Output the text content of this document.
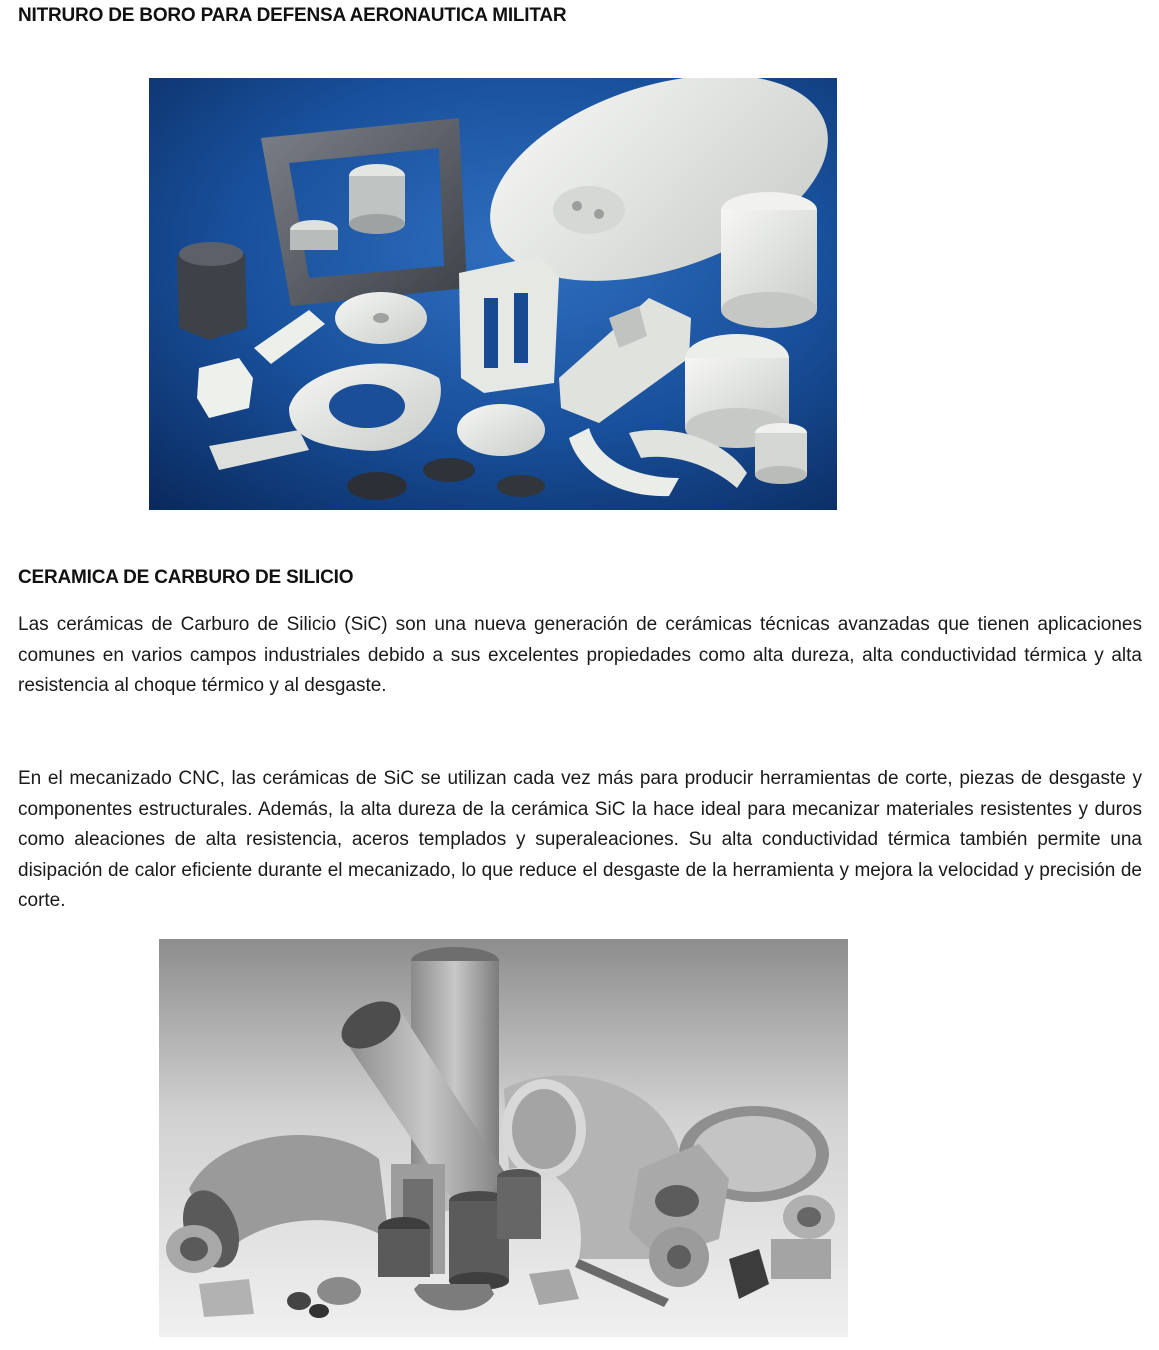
NITRURO DE BORO PARA DEFENSA AERONAUTICA MILITAR
CERAMICA DE CARBURO DE SILICIO

Las cerámicas de Carburo de Silicio (SiC) son una nueva generación de cerámicas técnicas avanzadas que tienen aplicaciones comunes en varios campos industriales debido a sus excelentes propiedades como alta dureza, alta conductividad térmica y alta resistencia al choque térmico y al desgaste.

En el mecanizado CNC, las cerámicas de SiC se utilizan cada vez más para producir herramientas de corte, piezas de desgaste y componentes estructurales. Además, la alta dureza de la cerámica SiC la hace ideal para mecanizar materiales resistentes y duros como aleaciones de alta resistencia, aceros templados y superaleaciones. Su alta conductividad térmica también permite una disipación de calor eficiente durante el mecanizado, lo que reduce el desgaste de la herramienta y mejora la velocidad y precisión de corte.
